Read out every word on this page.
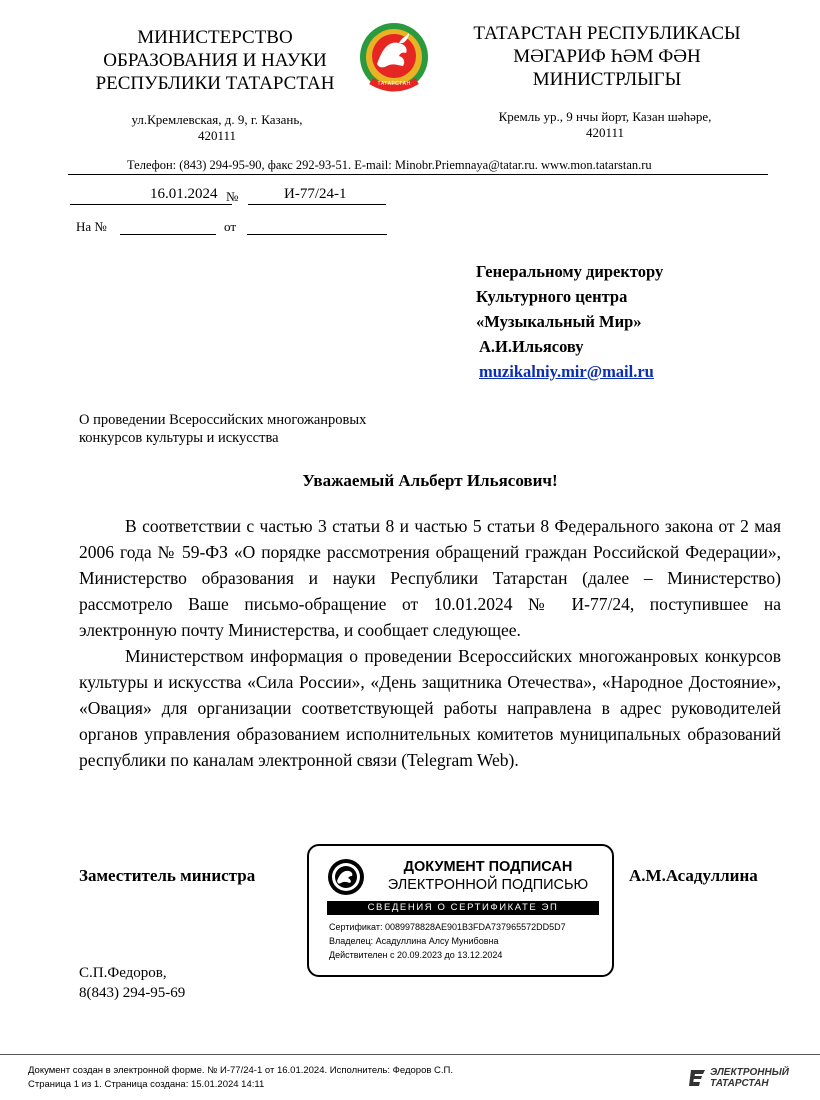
МИНИСТЕРСТВО
ОБРАЗОВАНИЯ И НАУКИ
РЕСПУБЛИКИ ТАТАРСТАН	ТАТАРСТАН
ТАТАРСТАН РЕСПУБЛИКАСЫ
МӘГАРИФ ҺӘМ ФӘН
МИНИСТРЛЫГЫ
ул.Кремлевская, д. 9, г. Казань,
420111
Кремль ур., 9 нчы йорт, Казан шәһәре,
420111
Телефон: (843) 294-95-90, факс 292-93-51. E-mail: Minobr.Priemnaya@tatar.ru. www.mon.tatarstan.ru
16.01.2024 №	И-77/24-1
На №	от
Генеральному директору
Культурного центра
«Музыкальный Мир»
А.И.Ильясову
muzikalniy.mir@mail.ru
О проведении Всероссийских многожанровых
конкурсов культуры и искусства
Уважаемый Альберт Ильясович!

В соответствии с частью 3 статьи 8 и частью 5 статьи 8 Федерального закона от 2 мая 2006 года № 59-ФЗ «О порядке рассмотрения обращений граждан Российской Федерации», Министерство образования и науки Республики Татарстан (далее – Министерство) рассмотрело Ваше письмо-обращение от 10.01.2024 № И-77/24, поступившее на электронную почту Министерства, и сообщает следующее.

Министерством информация о проведении Всероссийских многожанровых конкурсов культуры и искусства «Сила России», «День защитника Отечества», «Народное Достояние», «Овация» для организации соответствующей работы направлена в адрес руководителей органов управления образованием исполнительных комитетов муниципальных образований республики по каналам электронной связи (Telegram Web).

Заместитель министра	А.М.Асадуллина
ДОКУМЕНТ ПОДПИСАН
ЭЛЕКТРОННОЙ ПОДПИСЬЮ
СВЕДЕНИЯ О СЕРТИФИКАТЕ ЭП
Сертификат: 0089978828AE901B3FDA737965572DD5D7
Владелец: Асадуллина Алсу Мунибовна
Действителен с 20.09.2023 до 13.12.2024
С.П.Федоров,
8(843) 294-95-69
Документ создан в электронной форме. № И-77/24-1 от 16.01.2024. Исполнитель: Федоров С.П.
Страница 1 из 1. Страница создана: 15.01.2024 14:11
ЭЛЕКТРОННЫЙ
ТАТАРСТАН
